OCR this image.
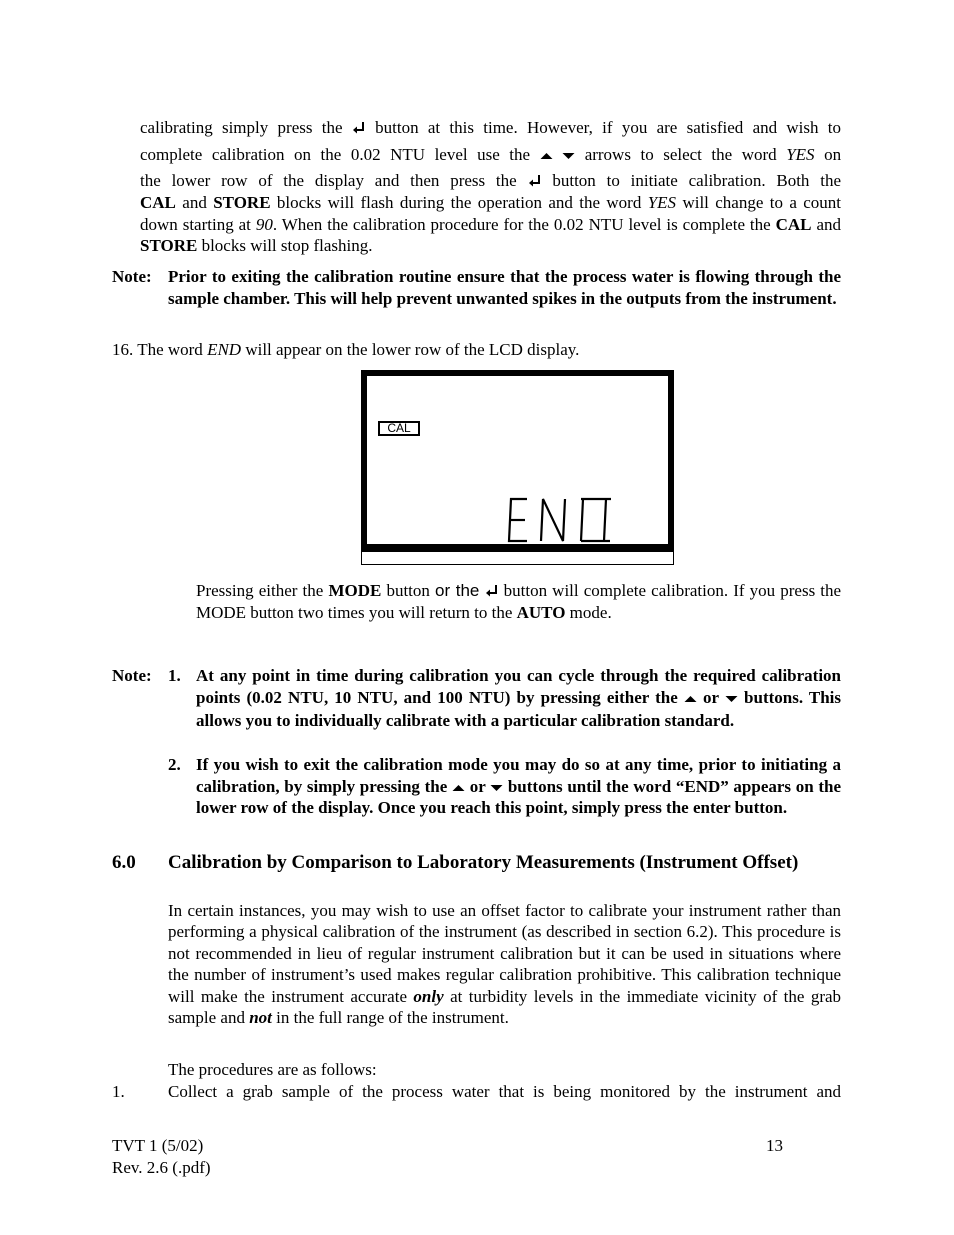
calibrating simply press the button at this time. However, if you are satisfied and wish to
complete calibration on the 0.02 NTU level use the
	arrows to select the word YES on
the lower row of the display and then press the button to initiate calibration. Both the
CAL and STORE blocks will flash during the operation and the word YES will change to a count down starting at 90. When the calibration procedure for the 0.02 NTU level is complete the CAL and STORE blocks will stop flashing.
Note: Prior to exiting the calibration routine ensure that the process water is flowing through the sample chamber. This will help prevent unwanted spikes in the outputs from the instrument.
16. The word END will appear on the lower row of the LCD display.
CAL
Pressing either the MODE button or the button will complete calibration. If you press the MODE button two times you will return to the AUTO mode.
Note: 1. At any point in time during calibration you can cycle through the required calibration points (0.02 NTU, 10 NTU, and 100 NTU) by pressing either the or buttons. This allows you to individually calibrate with a particular calibration standard.
2. If you wish to exit the calibration mode you may do so at any time, prior to initiating a calibration, by simply pressing the or buttons until the word “END” appears on the lower row of the display. Once you reach this point, simply press the enter button.
6.0 Calibration by Comparison to Laboratory Measurements (Instrument Offset)
In certain instances, you may wish to use an offset factor to calibrate your instrument rather than performing a physical calibration of the instrument (as described in section 6.2). This procedure is not recommended in lieu of regular instrument calibration but it can be used in situations where the number of instrument’s used makes regular calibration prohibitive. This calibration technique will make the instrument accurate only at turbidity levels in the immediate vicinity of the grab sample and not in the full range of the instrument.
The procedures are as follows:
1.	Collect a grab sample of the process water that is being monitored by the instrument and
TVT 1 (5/02)
Rev. 2.6 (.pdf)
13
